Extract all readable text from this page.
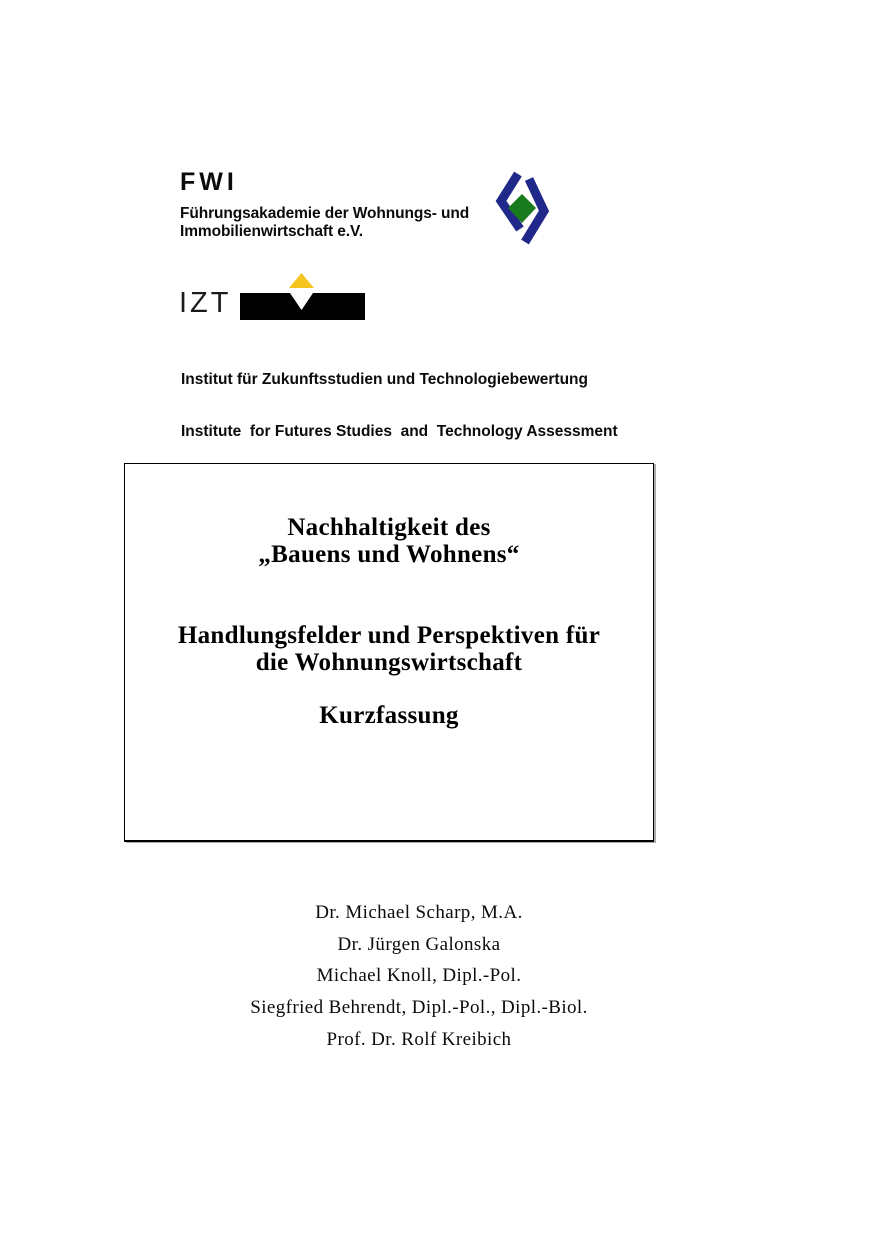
FWI
Führungsakademie der Wohnungs- und
Immobilienwirtschaft e.V.
IZT

Institut für Zukunftsstudien und Technologiebewertung

Institute  for Futures Studies  and  Technology Assessment

Nachhaltigkeit des
„Bauens und Wohnens“
Handlungsfelder und Perspektiven für
die Wohnungswirtschaft
Kurzfassung
Dr. Michael Scharp, M.A.
Dr. Jürgen Galonska
Michael Knoll, Dipl.-Pol.
Siegfried Behrendt, Dipl.-Pol., Dipl.-Biol.
Prof. Dr. Rolf Kreibich
